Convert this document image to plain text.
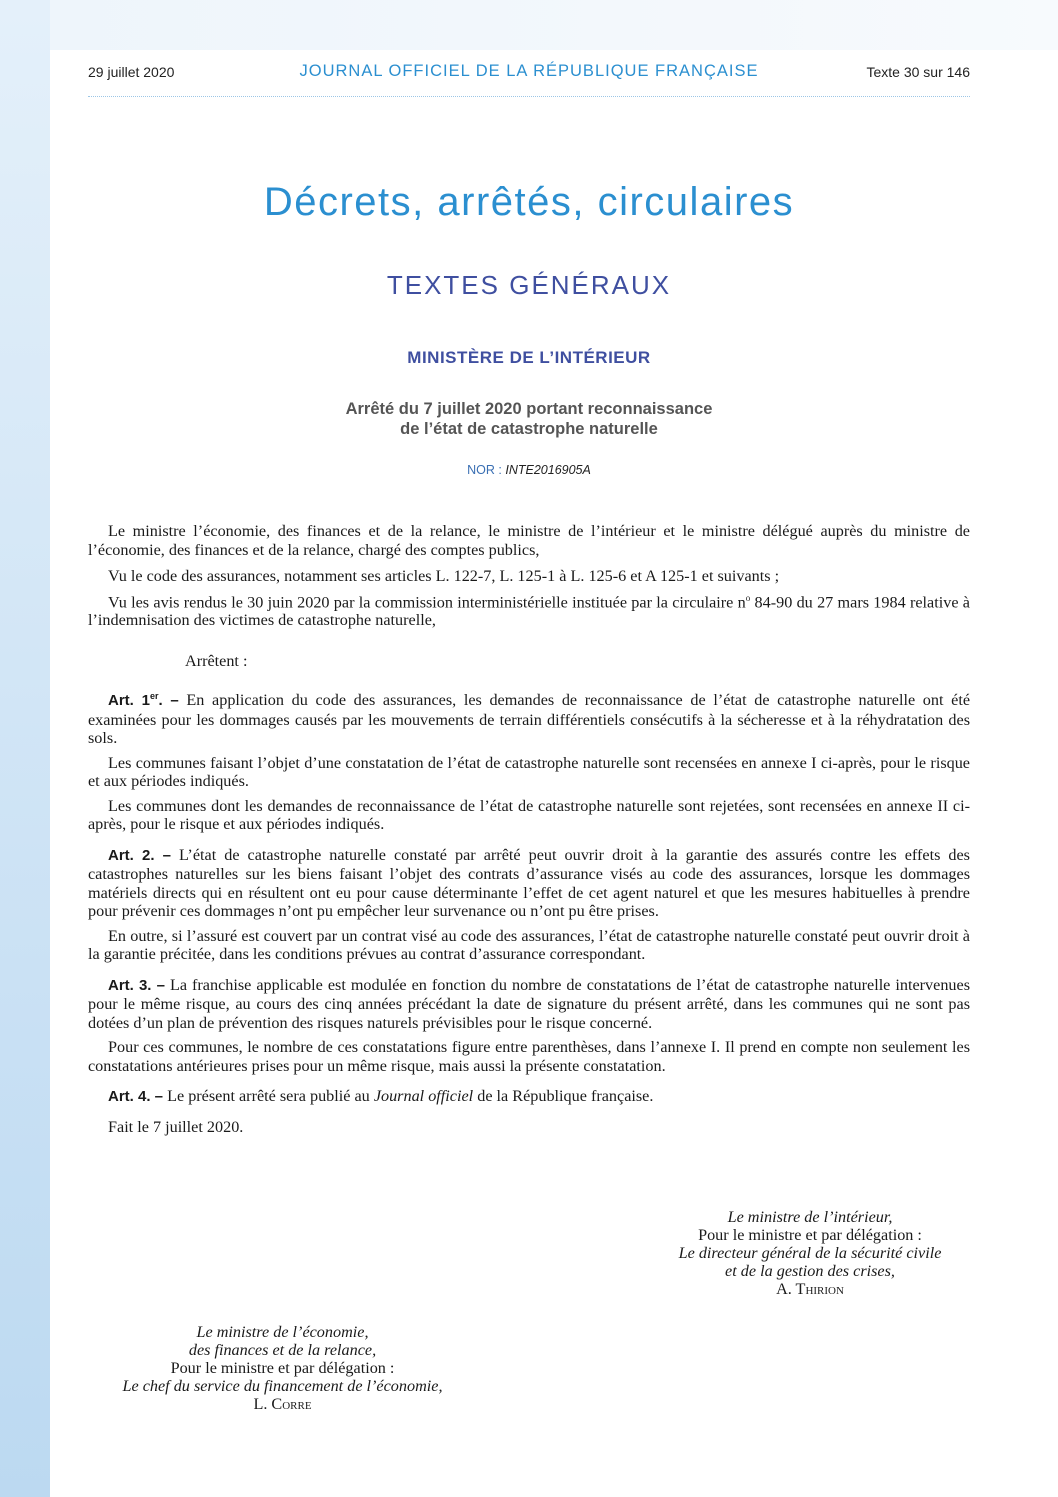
29 juillet 2020	JOURNAL OFFICIEL DE LA RÉPUBLIQUE FRANÇAISE	Texte 30 sur 146
Décrets, arrêtés, circulaires
TEXTES GÉNÉRAUX
MINISTÈRE DE L’INTÉRIEUR
Arrêté du 7 juillet 2020 portant reconnaissance
de l’état de catastrophe naturelle
NOR : INTE2016905A

Le ministre l’économie, des finances et de la relance, le ministre de l’intérieur et le ministre délégué auprès du ministre de l’économie, des finances et de la relance, chargé des comptes publics,

Vu le code des assurances, notamment ses articles L. 122-7, L. 125-1 à L. 125-6 et A 125-1 et suivants ;

Vu les avis rendus le 30 juin 2020 par la commission interministérielle instituée par la circulaire $n^o$ 84-90 du 27 mars 1984 relative à l’indemnisation des victimes de catastrophe naturelle,

Arrêtent :

Art. 1er. – En application du code des assurances, les demandes de reconnaissance de l’état de catastrophe naturelle ont été examinées pour les dommages causés par les mouvements de terrain différentiels consécutifs à la sécheresse et à la réhydratation des sols.

Les communes faisant l’objet d’une constatation de l’état de catastrophe naturelle sont recensées en annexe I ci-après, pour le risque et aux périodes indiqués.

Les communes dont les demandes de reconnaissance de l’état de catastrophe naturelle sont rejetées, sont recensées en annexe II ci-après, pour le risque et aux périodes indiqués.

Art. 2. – L’état de catastrophe naturelle constaté par arrêté peut ouvrir droit à la garantie des assurés contre les effets des catastrophes naturelles sur les biens faisant l’objet des contrats d’assurance visés au code des assurances, lorsque les dommages matériels directs qui en résultent ont eu pour cause déterminante l’effet de cet agent naturel et que les mesures habituelles à prendre pour prévenir ces dommages n’ont pu empêcher leur survenance ou n’ont pu être prises.

En outre, si l’assuré est couvert par un contrat visé au code des assurances, l’état de catastrophe naturelle constaté peut ouvrir droit à la garantie précitée, dans les conditions prévues au contrat d’assurance correspondant.

Art. 3. – La franchise applicable est modulée en fonction du nombre de constatations de l’état de catastrophe naturelle intervenues pour le même risque, au cours des cinq années précédant la date de signature du présent arrêté, dans les communes qui ne sont pas dotées d’un plan de prévention des risques naturels prévisibles pour le risque concerné.

Pour ces communes, le nombre de ces constatations figure entre parenthèses, dans l’annexe I. Il prend en compte non seulement les constatations antérieures prises pour un même risque, mais aussi la présente constatation.

Art. 4. – Le présent arrêté sera publié au Journal officiel de la République française.

Fait le 7 juillet 2020.

Le ministre de l’intérieur,
Pour le ministre et par délégation :
Le directeur général de la sécurité civile
et de la gestion des crises,
A. Thirion
Le ministre de l’économie,
des finances et de la relance,
Pour le ministre et par délégation :
Le chef du service du financement de l’économie,
L. Corre
